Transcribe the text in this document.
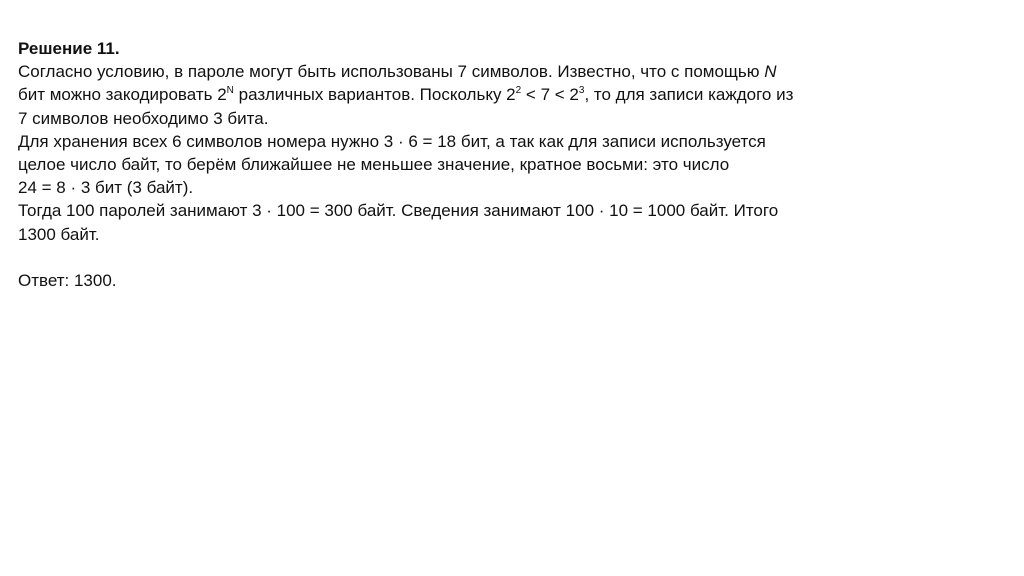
Решение 11.

Согласно условию, в пароле могут быть использованы 7 символов. Известно, что с помощью N
бит можно закодировать $2^N$ различных вариантов. Поскольку $2^2 < 7 < 2^3$, то для записи каждого из
7 символов необходимо 3 бита.

Для хранения всех 6 символов номера нужно 3 · 6 = 18 бит, а так как для записи используется
целое число байт, то берём ближайшее не меньшее значение, кратное восьми: это число
24 = 8 · 3 бит (3 байт).

Тогда 100 паролей занимают 3 · 100 = 300 байт. Сведения занимают 100 · 10 = 1000 байт. Итого
1300 байт.

Ответ: 1300.
